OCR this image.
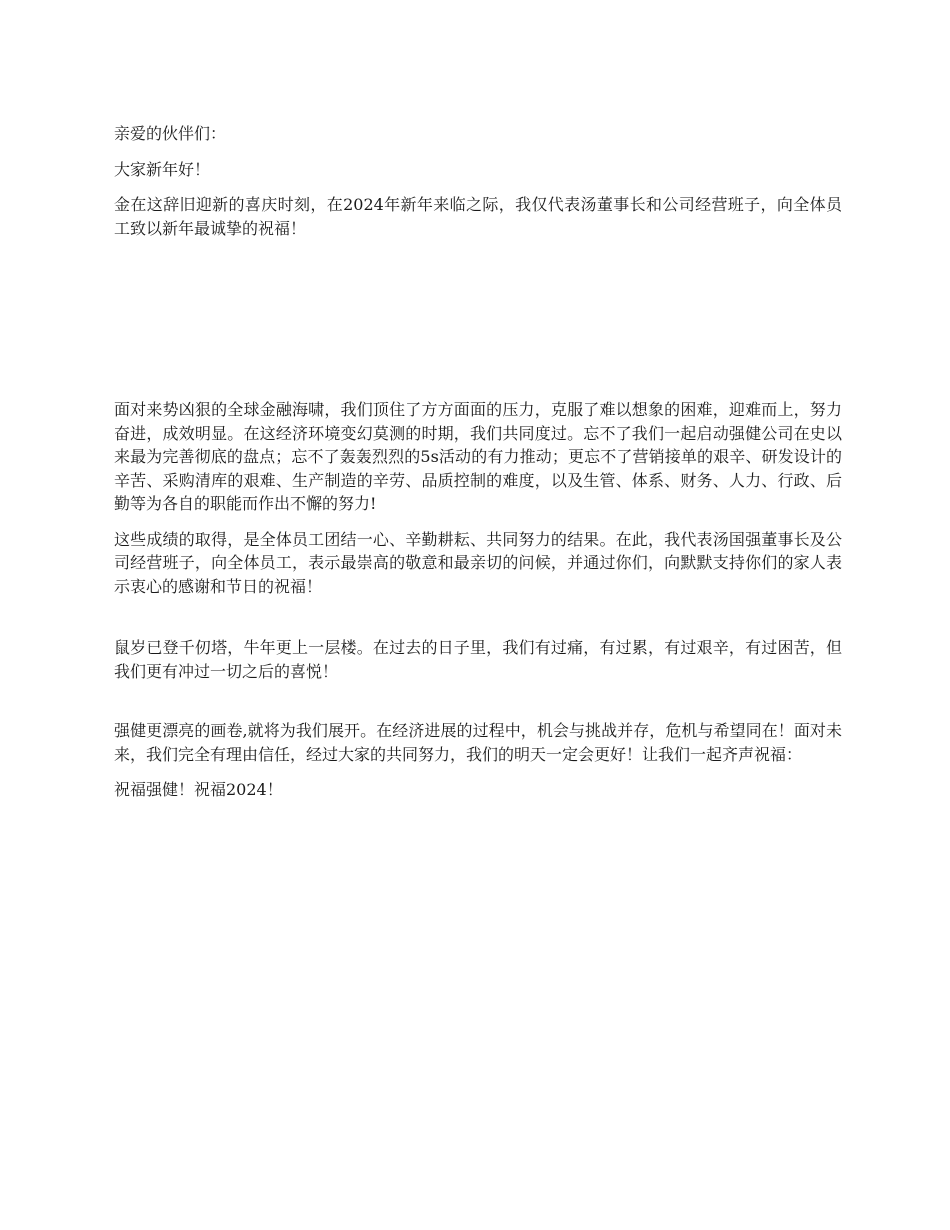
亲爱的伙伴们：

大家新年好！

金在这辞旧迎新的喜庆时刻，在2024年新年来临之际，我仅代表汤董事长和公司经营班子，向全体员工致以新年最诚挚的祝福！

面对来势凶狠的全球金融海啸，我们顶住了方方面面的压力，克服了难以想象的困难，迎难而上，努力奋进，成效明显。在这经济环境变幻莫测的时期，我们共同度过。忘不了我们一起启动强健公司在史以来最为完善彻底的盘点；忘不了轰轰烈烈的5s活动的有力推动；更忘不了营销接单的艰辛、研发设计的辛苦、采购清库的艰难、生产制造的辛劳、品质控制的难度，以及生管、体系、财务、人力、行政、后勤等为各自的职能而作出不懈的努力!

这些成绩的取得，是全体员工团结一心、辛勤耕耘、共同努力的结果。在此，我代表汤国强董事长及公司经营班子，向全体员工，表示最崇高的敬意和最亲切的问候，并通过你们，向默默支持你们的家人表示衷心的感谢和节日的祝福！

鼠岁已登千仞塔，牛年更上一层楼。在过去的日子里，我们有过痛，有过累，有过艰辛，有过困苦，但我们更有冲过一切之后的喜悦！

强健更漂亮的画卷,就将为我们展开。在经济进展的过程中，机会与挑战并存，危机与希望同在！面对未来，我们完全有理由信任，经过大家的共同努力，我们的明天一定会更好！让我们一起齐声祝福：

祝福强健！祝福2024！
